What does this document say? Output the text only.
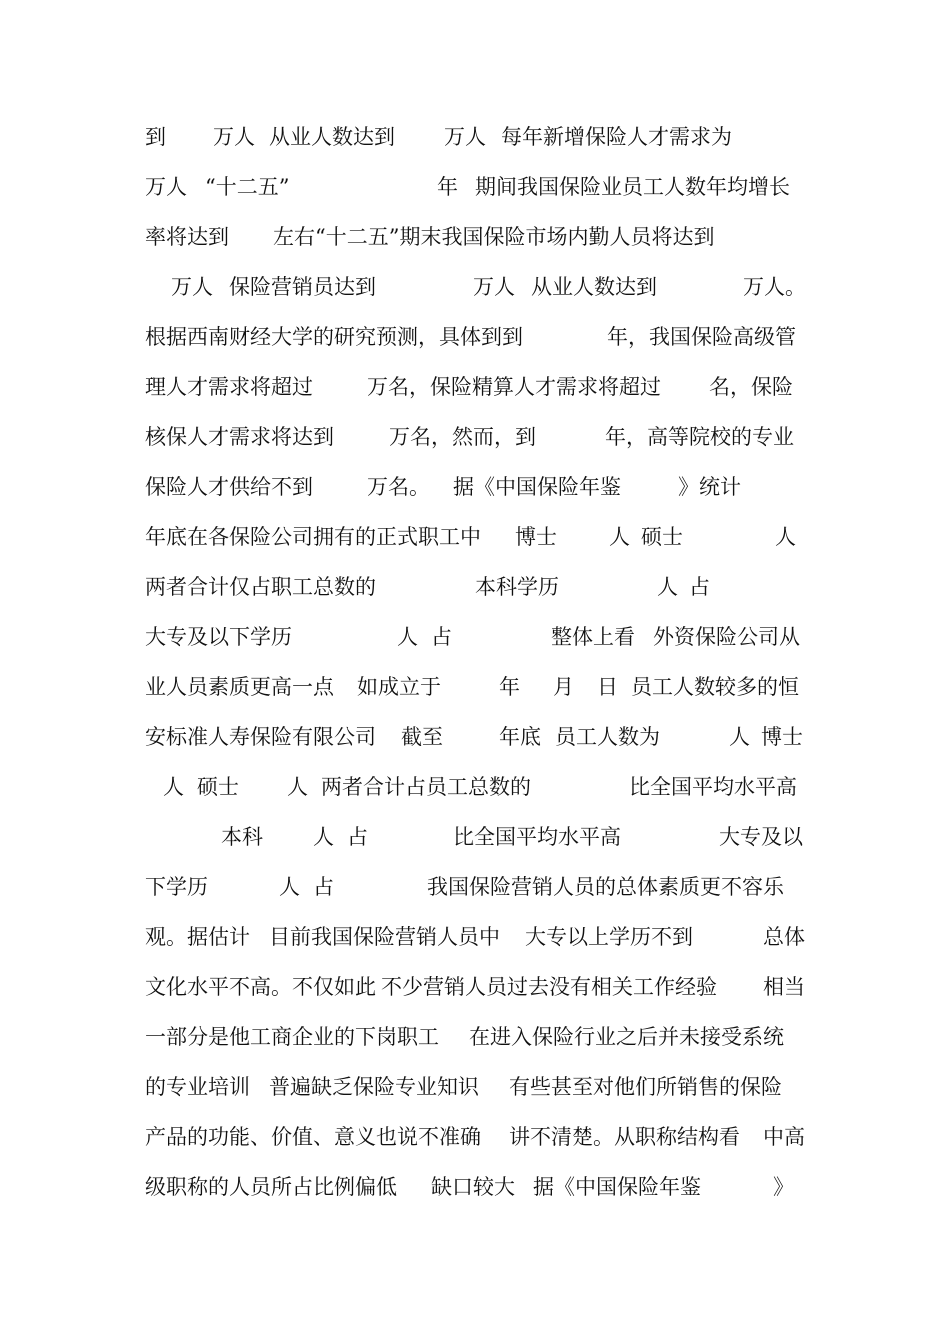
到 万人 从业人数达到 万人 每年新增保险人才需求为
万人 “十二五”	年 期间我国保险业员工人数年均增长
率将达到 左右“十二五”期末我国保险市场内勤人员将达到
万人 保险营销员达到	万人 从业人数达到	万人。
根据西南财经大学的研究预测，具体到到	年，我国保险高级管
理人才需求将超过	万名，保险精算人才需求将超过 名，保险
核保人才需求将达到	万名，然而，到	年，高等院校的专业
保险人才供给不到	万名。 据《中国保险年鉴	》统计
年底在各保险公司拥有的正式职工中 博士 人 硕士	人
两者合计仅占职工总数的	本科学历	人 占
大专及以下学历	人 占	整体上看 外资保险公司从
业人员素质更高一点 如成立于	年 月 日 员工人数较多的恒
安标准人寿保险有限公司 截至	年底 员工人数为	人 博士
人 硕士 人 两者合计占员工总数的	比全国平均水平高
本科 人 占	比全国平均水平高	大专及以
下学历	人 占	我国保险营销人员的总体素质更不容乐
观。据估计 目前我国保险营销人员中 大专以上学历不到	总体
文化水平不高。不仅如此 不少营销人员过去没有相关工作经验 相当
一部分是他工商企业的下岗职工 在进入保险行业之后并未接受系统
的专业培训 普遍缺乏保险专业知识 有些甚至对他们所销售的保险
产品的功能、价值、意义也说不准确 讲不清楚。从职称结构看 中高
级职称的人员所占比例偏低 缺口较大 据《中国保险年鉴	》
